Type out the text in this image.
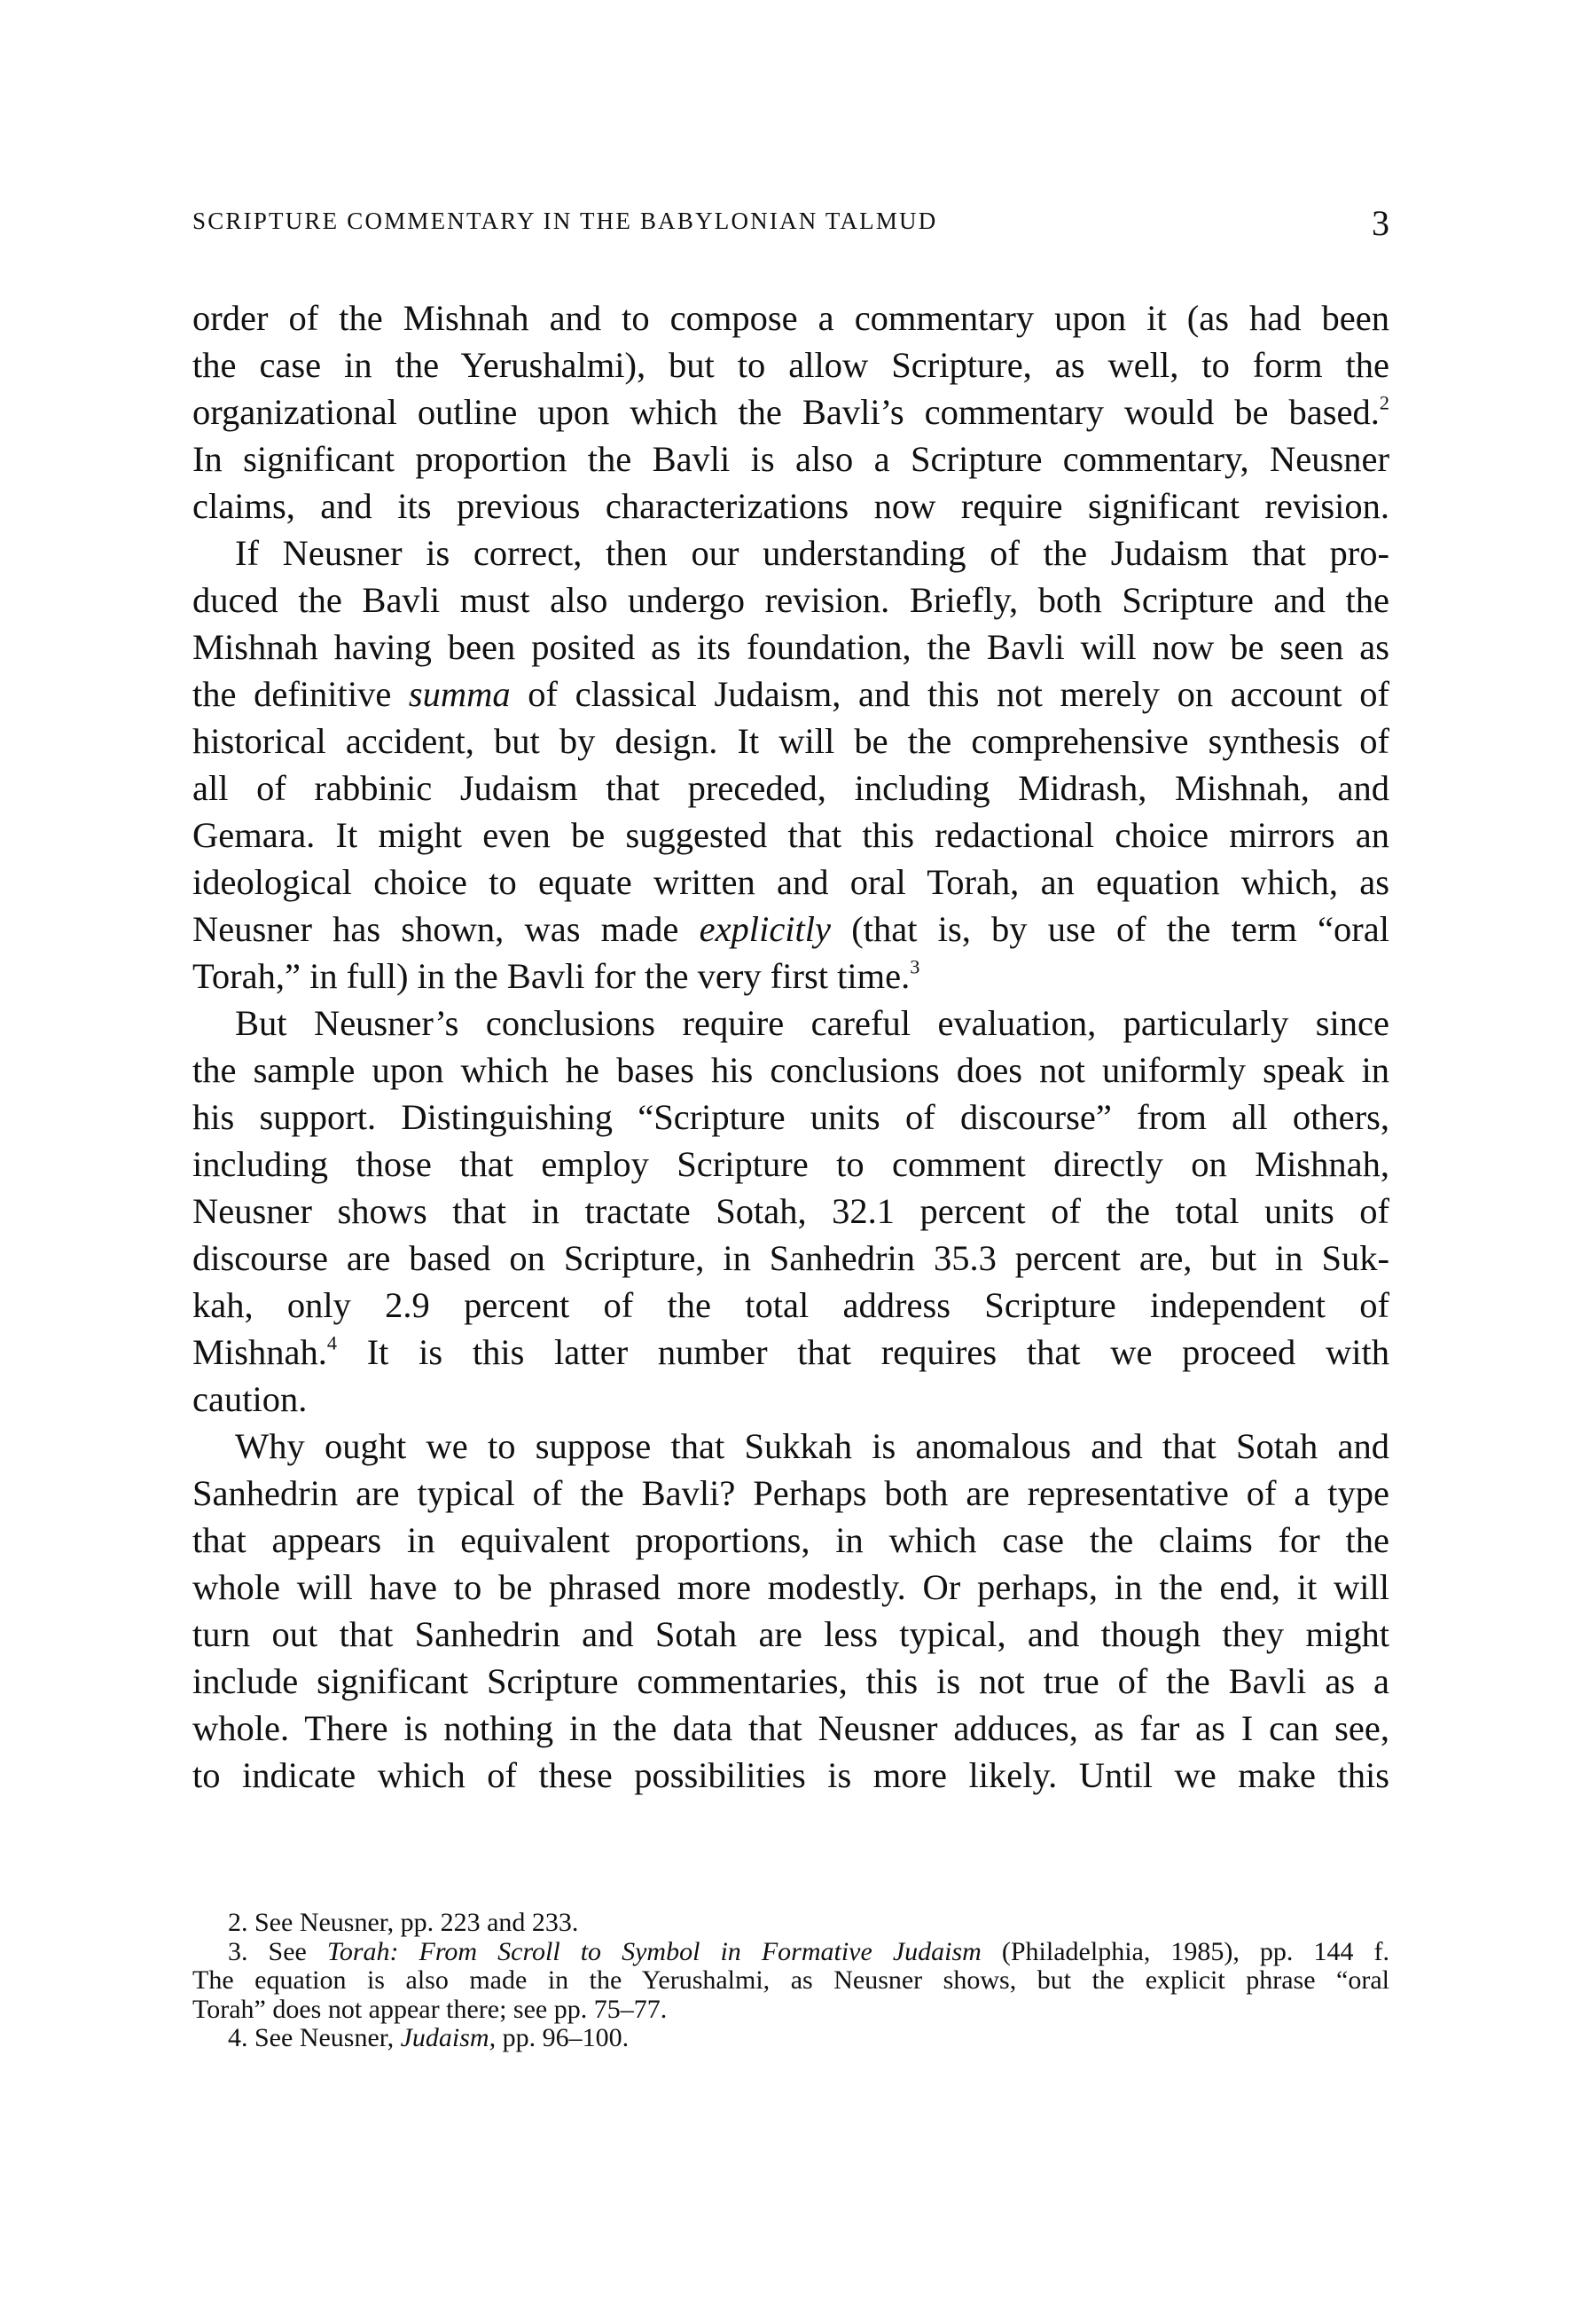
SCRIPTURE COMMENTARY IN THE BABYLONIAN TALMUD	3
order of the Mishnah and to compose a commentary upon it (as had been
the case in the Yerushalmi), but to allow Scripture, as well, to form the
organizational outline upon which the Bavli’s commentary would be based.$^2$
In significant proportion the Bavli is also a Scripture commentary, Neusner
claims, and its previous characterizations now require significant revision.
If Neusner is correct, then our understanding of the Judaism that pro-
duced the Bavli must also undergo revision. Briefly, both Scripture and the
Mishnah having been posited as its foundation, the Bavli will now be seen as
the definitive summa of classical Judaism, and this not merely on account of
historical accident, but by design. It will be the comprehensive synthesis of
all of rabbinic Judaism that preceded, including Midrash, Mishnah, and
Gemara. It might even be suggested that this redactional choice mirrors an
ideological choice to equate written and oral Torah, an equation which, as
Neusner has shown, was made explicitly (that is, by use of the term “oral
Torah,” in full) in the Bavli for the very first time.$^3$
But Neusner’s conclusions require careful evaluation, particularly since
the sample upon which he bases his conclusions does not uniformly speak in
his support. Distinguishing “Scripture units of discourse” from all others,
including those that employ Scripture to comment directly on Mishnah,
Neusner shows that in tractate Sotah, 32.1 percent of the total units of
discourse are based on Scripture, in Sanhedrin 35.3 percent are, but in Suk-
kah, only 2.9 percent of the total address Scripture independent of
Mishnah.$^4$ It is this latter number that requires that we proceed with
caution.
Why ought we to suppose that Sukkah is anomalous and that Sotah and
Sanhedrin are typical of the Bavli? Perhaps both are representative of a type
that appears in equivalent proportions, in which case the claims for the
whole will have to be phrased more modestly. Or perhaps, in the end, it will
turn out that Sanhedrin and Sotah are less typical, and though they might
include significant Scripture commentaries, this is not true of the Bavli as a
whole. There is nothing in the data that Neusner adduces, as far as I can see,
to indicate which of these possibilities is more likely. Until we make this
2. See Neusner, pp. 223 and 233.
3. See Torah: From Scroll to Symbol in Formative Judaism (Philadelphia, 1985), pp. 144 f.
The equation is also made in the Yerushalmi, as Neusner shows, but the explicit phrase “oral
Torah” does not appear there; see pp. 75–77.
4. See Neusner, Judaism, pp. 96–100.
